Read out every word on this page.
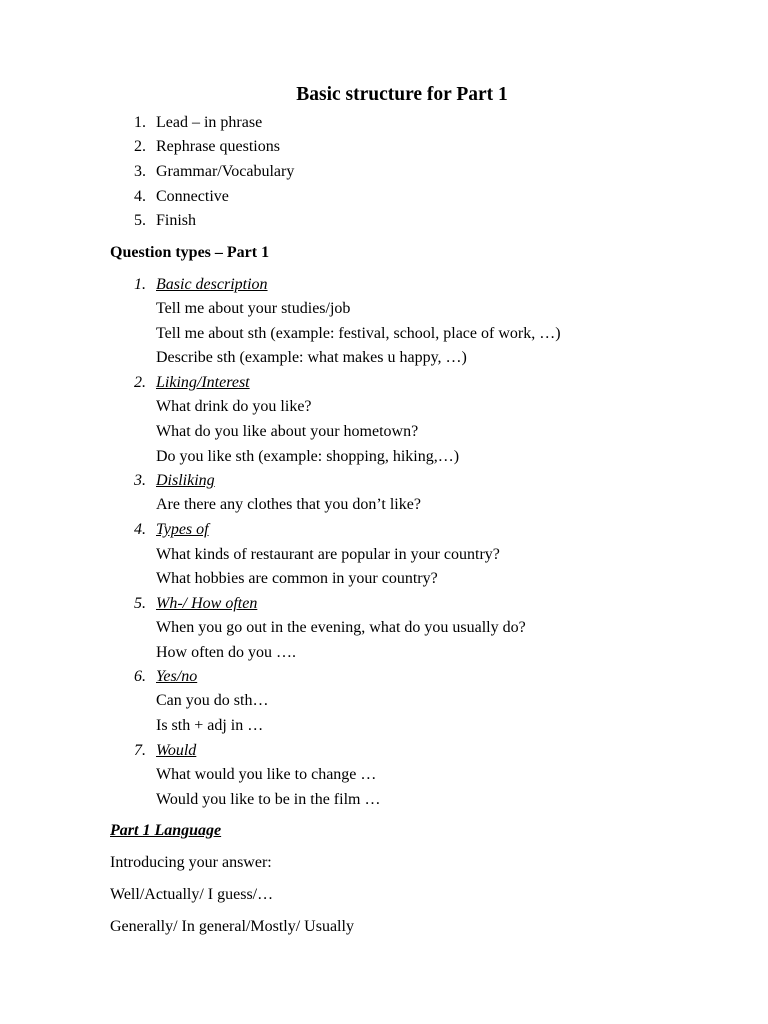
Basic structure for Part 1
1. Lead – in phrase
2. Rephrase questions
3. Grammar/Vocabulary
4. Connective
5. Finish
Question types – Part 1
1. Basic description
Tell me about your studies/job
Tell me about sth (example: festival, school, place of work, …)
Describe sth (example: what makes u happy, …)
2. Liking/Interest
What drink do you like?
What do you like about your hometown?
Do you like sth (example: shopping, hiking,…)
3. Disliking
Are there any clothes that you don’t like?
4. Types of
What kinds of restaurant are popular in your country?
What hobbies are common in your country?
5. Wh-/ How often
When you go out in the evening, what do you usually do?
How often do you ….
6. Yes/no
Can you do sth…
Is sth + adj in …
7. Would
What would you like to change …
Would you like to be in the film …
Part 1 Language
Introducing your answer:
Well/Actually/ I guess/…
Generally/ In general/Mostly/ Usually
